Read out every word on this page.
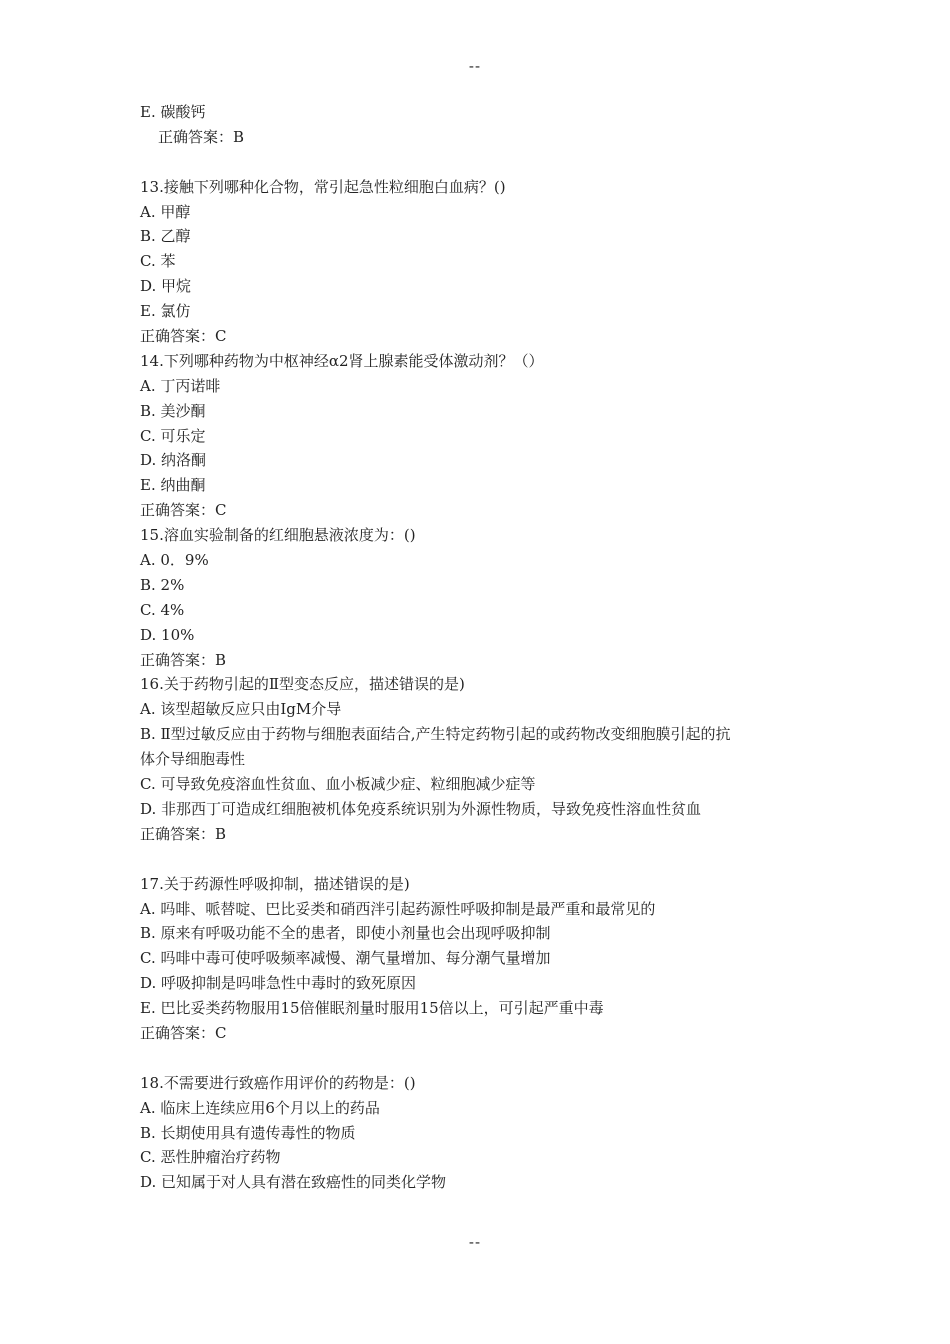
--
E. 碳酸钙
正确答案：B
13.接触下列哪种化合物，常引起急性粒细胞白血病？()
A. 甲醇
B. 乙醇
C. 苯
D. 甲烷
E. 氯仿
正确答案：C
14.下列哪种药物为中枢神经α2肾上腺素能受体激动剂？（）
A. 丁丙诺啡
B. 美沙酮
C. 可乐定
D. 纳洛酮
E. 纳曲酮
正确答案：C
15.溶血实验制备的红细胞悬液浓度为：()
A. 0．9%
B. 2%
C. 4%
D. 10%
正确答案：B
16.关于药物引起的Ⅱ型变态反应，描述错误的是)
A. 该型超敏反应只由IgM介导
B. Ⅱ型过敏反应由于药物与细胞表面结合,产生特定药物引起的或药物改变细胞膜引起的抗
体介导细胞毒性
C. 可导致免疫溶血性贫血、血小板减少症、粒细胞减少症等
D. 非那西丁可造成红细胞被机体免疫系统识别为外源性物质，导致免疫性溶血性贫血
正确答案：B
17.关于药源性呼吸抑制，描述错误的是)
A. 吗啡、哌替啶、巴比妥类和硝西泮引起药源性呼吸抑制是最严重和最常见的
B. 原来有呼吸功能不全的患者，即使小剂量也会出现呼吸抑制
C. 吗啡中毒可使呼吸频率减慢、潮气量增加、每分潮气量增加
D. 呼吸抑制是吗啡急性中毒时的致死原因
E. 巴比妥类药物服用15倍催眠剂量时服用15倍以上，可引起严重中毒
正确答案：C
18.不需要进行致癌作用评价的药物是：()
A. 临床上连续应用6个月以上的药品
B. 长期使用具有遗传毒性的物质
C. 恶性肿瘤治疗药物
D. 已知属于对人具有潜在致癌性的同类化学物
--
